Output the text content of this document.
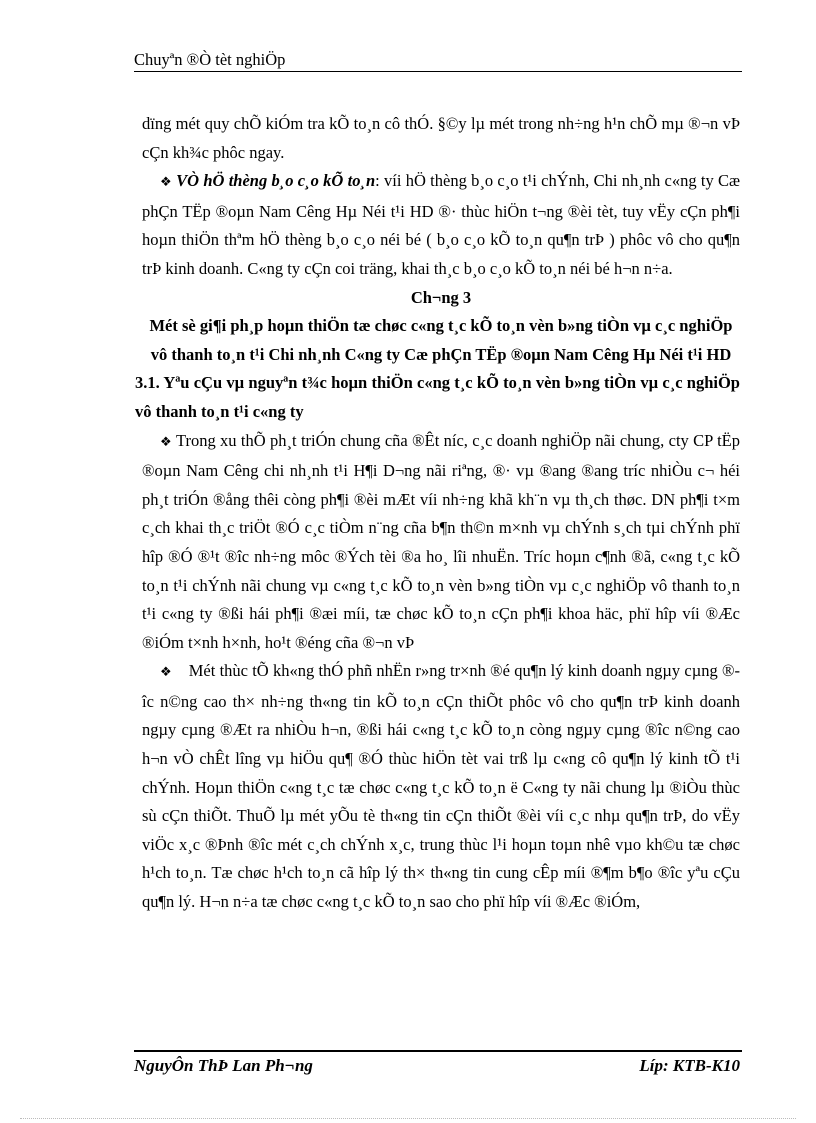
Chuyªn ®Ò tèt nghiÖp

dïng mét quy chÕ kiÓm tra kÕ to¸n cô thÓ. §©y lµ mét trong nh÷ng h¹n chÕ mµ ®¬n vÞ cÇn kh¾c phôc ngay.

❖ VÒ hÖ thèng b¸o c¸o kÕ to¸n: víi hÖ thèng b¸o c¸o t¹i chÝnh, Chi nh¸nh c«ng ty Cæ phÇn TËp ®oµn Nam Cêng Hµ Néi t¹i HD ®· thùc hiÖn t¬ng ®èi tèt, tuy vËy cÇn ph¶i hoµn thiÖn thªm hÖ thèng b¸o c¸o néi bé ( b¸o c¸o kÕ to¸n qu¶n trÞ ) phôc vô cho qu¶n trÞ kinh doanh. C«ng ty cÇn coi träng, khai th¸c b¸o c¸o kÕ to¸n néi bé h¬n n÷a.

Ch¬ng 3

Mét sè gi¶i ph¸p hoµn thiÖn tæ chøc c«ng t¸c kÕ to¸n vèn b»ng tiÒn vµ c¸c nghiÖp vô thanh to¸n t¹i Chi nh¸nh C«ng ty Cæ phÇn TËp ®oµn Nam Cêng Hµ Néi t¹i HD

3.1. Yªu cÇu vµ nguyªn t¾c hoµn thiÖn c«ng t¸c kÕ to¸n vèn b»ng tiÒn vµ c¸c nghiÖp vô thanh to¸n t¹i c«ng ty

❖ Trong xu thÕ ph¸t triÓn chung cña ®Êt níc, c¸c doanh nghiÖp nãi chung, cty CP tËp ®oµn Nam Cêng chi nh¸nh t¹i H¶i D¬ng nãi riªng, ®· vµ ®ang ®ang tríc nhiÒu c¬ héi ph¸t triÓn ®ång thêi còng ph¶i ®èi mÆt víi nh÷ng khã kh¨n vµ th¸ch thøc. DN ph¶i t×m c¸ch khai th¸c triÖt ®Ó c¸c tiÒm n¨ng cña b¶n th©n m×nh vµ chÝnh s¸ch tµi chÝnh phï hîp ®Ó ®¹t ®îc nh÷ng môc ®Ých tèi ®a ho¸ lîi nhuËn. Tríc hoµn c¶nh ®ã, c«ng t¸c kÕ to¸n t¹i chÝnh nãi chung vµ c«ng t¸c kÕ to¸n vèn b»ng tiÒn vµ c¸c nghiÖp vô thanh to¸n t¹i c«ng ty ®ßi hái ph¶i ®æi míi, tæ chøc kÕ to¸n cÇn ph¶i khoa häc, phï hîp víi ®Æc ®iÓm t×nh h×nh, ho¹t ®éng cña ®¬n vÞ

❖ Mét thùc tÕ kh«ng thÓ phñ nhËn r»ng tr×nh ®é qu¶n lý kinh doanh ngµy cµng ®îc n©ng cao th× nh÷ng th«ng tin kÕ to¸n cÇn thiÕt phôc vô cho qu¶n trÞ kinh doanh ngµy cµng ®Æt ra nhiÒu h¬n, ®ßi hái c«ng t¸c kÕ to¸n còng ngµy cµng ®îc n©ng cao h¬n vÒ chÊt lîng vµ hiÖu qu¶ ®Ó thùc hiÖn tèt vai trß lµ c«ng cô qu¶n lý kinh tÕ t¹i chÝnh. Hoµn thiÖn c«ng t¸c tæ chøc c«ng t¸c kÕ to¸n ë C«ng ty nãi chung lµ ®iÒu thùc sù cÇn thiÕt. ThuÕ lµ mét yÕu tè th«ng tin cÇn thiÕt ®èi víi c¸c nhµ qu¶n trÞ, do vËy viÖc x¸c ®Þnh ®îc mét c¸ch chÝnh x¸c, trung thùc l¹i hoµn toµn nhê vµo kh©u tæ chøc h¹ch to¸n. Tæ chøc h¹ch to¸n cã hîp lý th× th«ng tin cung cÊp míi ®¶m b¶o ®îc yªu cÇu qu¶n lý. H¬n n÷a tæ chøc c«ng t¸c kÕ to¸n sao cho phï hîp víi ®Æc ®iÓm,

NguyÔn ThÞ Lan Ph¬ng	Líp: KTB-K10
